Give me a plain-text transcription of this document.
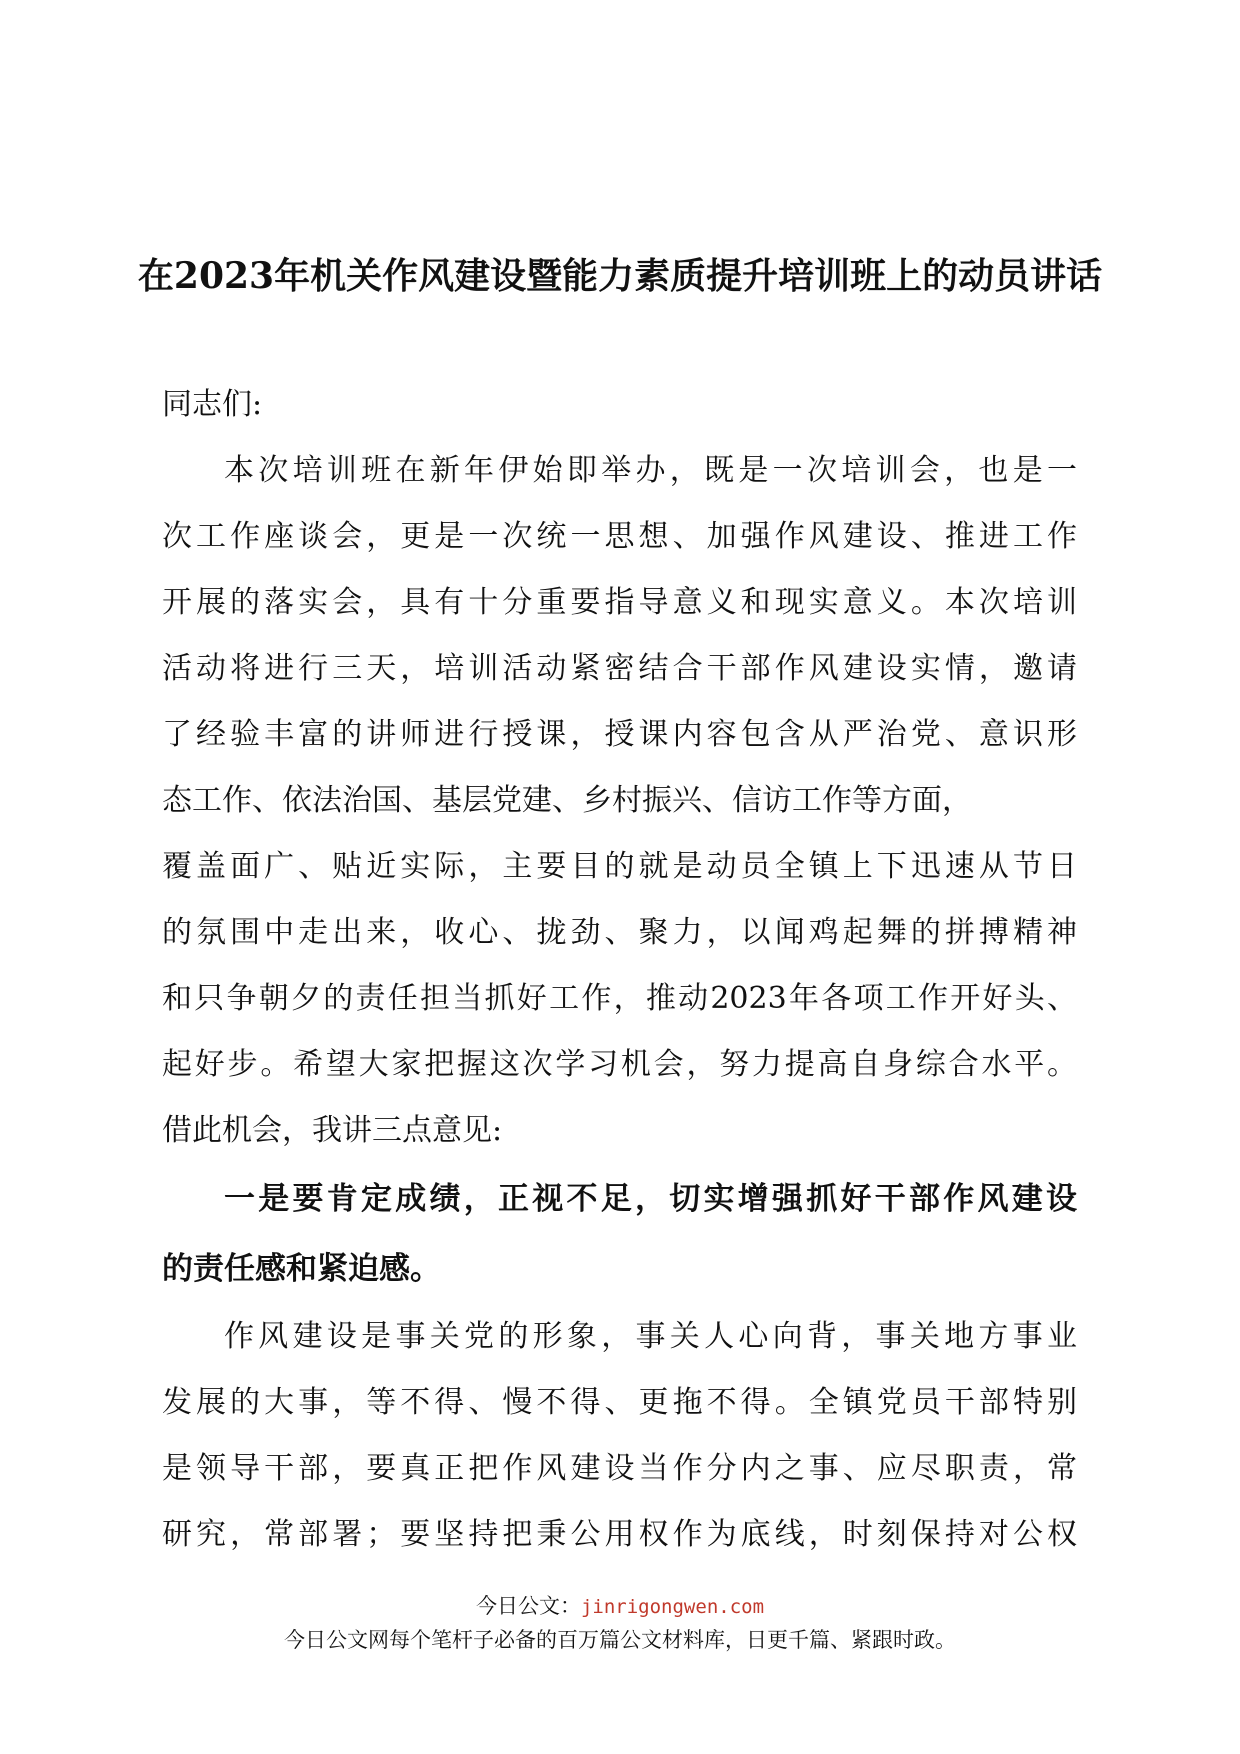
在2023年机关作风建设暨能力素质提升培训班上的动员讲话

同志们:

本次培训班在新年伊始即举办，既是一次培训会，也是一
次工作座谈会，更是一次统一思想、加强作风建设、推进工作
开展的落实会，具有十分重要指导意义和现实意义。本次培训
活动将进行三天，培训活动紧密结合干部作风建设实情，邀请
了经验丰富的讲师进行授课，授课内容包含从严治党、意识形
态工作、依法治国、基层党建、乡村振兴、信访工作等方面，
覆盖面广、贴近实际，主要目的就是动员全镇上下迅速从节日
的氛围中走出来，收心、拢劲、聚力，以闻鸡起舞的拼搏精神
和只争朝夕的责任担当抓好工作，推动2023年各项工作开好头、
起好步。希望大家把握这次学习机会，努力提高自身综合水平。
借此机会，我讲三点意见:
一是要肯定成绩，正视不足，切实增强抓好干部作风建设
的责任感和紧迫感。
作风建设是事关党的形象，事关人心向背，事关地方事业
发展的大事，等不得、慢不得、更拖不得。全镇党员干部特别
是领导干部，要真正把作风建设当作分内之事、应尽职责，常
研究，常部署；要坚持把秉公用权作为底线，时刻保持对公权
今日公文：jinrigongwen.com
今日公文网每个笔杆子必备的百万篇公文材料库，日更千篇、紧跟时政。
